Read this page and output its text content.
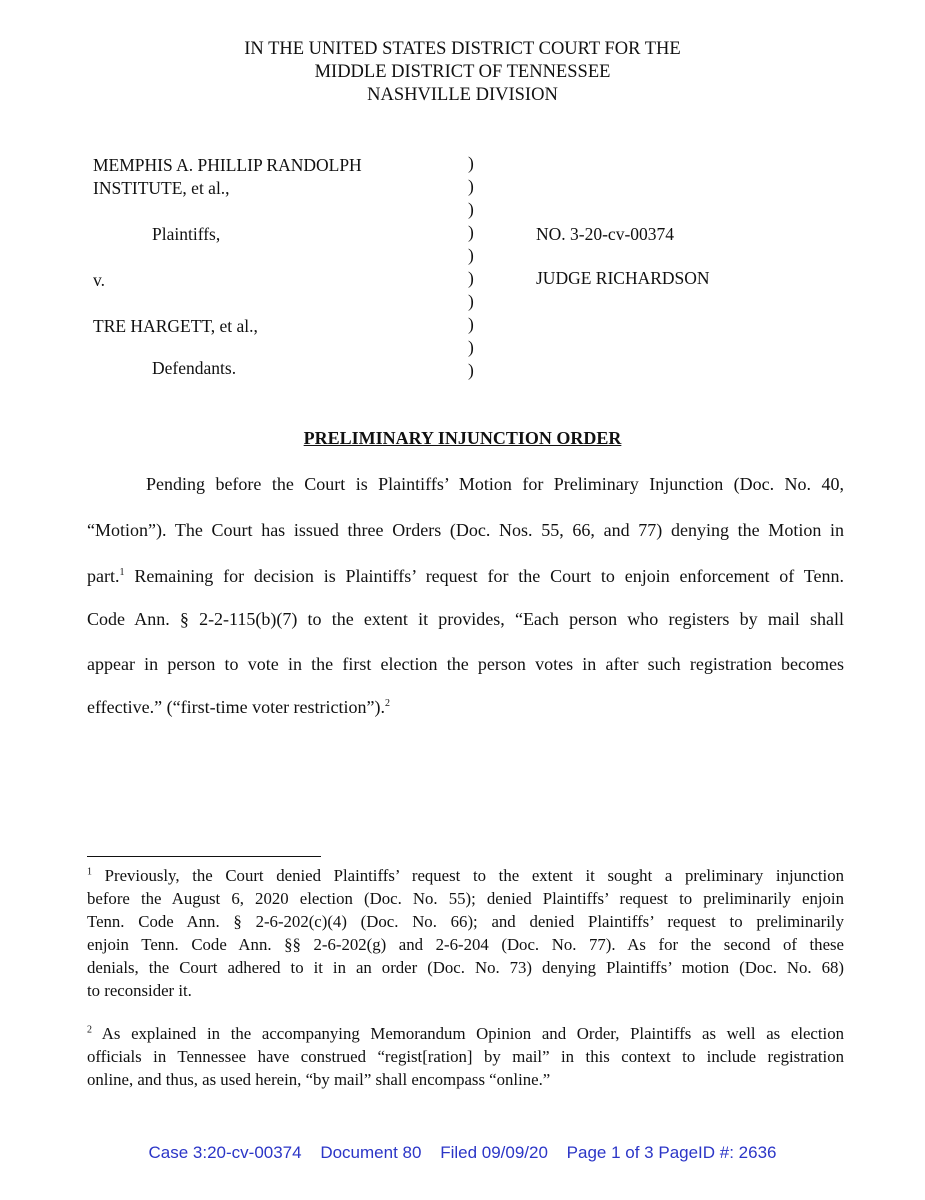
IN THE UNITED STATES DISTRICT COURT FOR THE
MIDDLE DISTRICT OF TENNESSEE
NASHVILLE DIVISION
MEMPHIS A. PHILLIP RANDOLPH
INSTITUTE, et al.,
Plaintiffs,
v.
TRE HARGETT, et al.,
Defendants.
)
)
)
)
)
)
)
)
)
)
NO. 3-20-cv-00374
JUDGE RICHARDSON
PRELIMINARY INJUNCTION ORDER
Pending before the Court is Plaintiffs’ Motion for Preliminary Injunction (Doc. No. 40,
“Motion”). The Court has issued three Orders (Doc. Nos. 55, 66, and 77) denying the Motion in
part.$^1$ Remaining for decision is Plaintiffs’ request for the Court to enjoin enforcement of Tenn.
Code Ann. § 2-2-115(b)(7) to the extent it provides, “Each person who registers by mail shall
appear in person to vote in the first election the person votes in after such registration becomes
effective.” (“first-time voter restriction”).$^2$
$^1$ Previously, the Court denied Plaintiffs’ request to the extent it sought a preliminary injunction
before the August 6, 2020 election (Doc. No. 55); denied Plaintiffs’ request to preliminarily enjoin
Tenn. Code Ann. § 2-6-202(c)(4) (Doc. No. 66); and denied Plaintiffs’ request to preliminarily
enjoin Tenn. Code Ann. §§ 2-6-202(g) and 2-6-204 (Doc. No. 77). As for the second of these
denials, the Court adhered to it in an order (Doc. No. 73) denying Plaintiffs’ motion (Doc. No. 68)
to reconsider it.
$^2$ As explained in the accompanying Memorandum Opinion and Order, Plaintiffs as well as election
officials in Tennessee have construed “regist[ration] by mail” in this context to include registration
online, and thus, as used herein, “by mail” shall encompass “online.”
Case 3:20-cv-00374 Document 80 Filed 09/09/20 Page 1 of 3 PageID #: 2636
